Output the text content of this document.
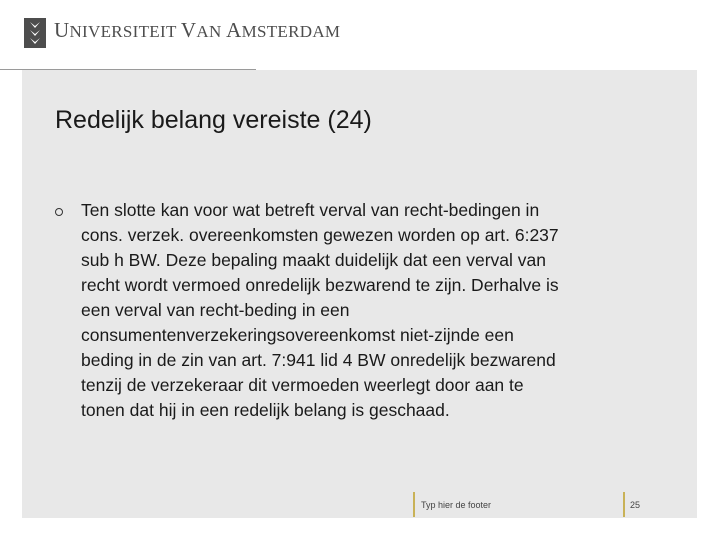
UNIVERSITEIT VAN AMSTERDAM
Redelijk belang vereiste (24)
Ten slotte kan voor wat betreft verval van recht-bedingen in
cons. verzek. overeenkomsten gewezen worden op art. 6:237
sub h BW. Deze bepaling maakt duidelijk dat een verval van
recht wordt vermoed onredelijk bezwarend te zijn. Derhalve is
een verval van recht-beding in een
consumentenverzekeringsovereenkomst niet-zijnde een
beding in de zin van art. 7:941 lid 4 BW onredelijk bezwarend
tenzij de verzekeraar dit vermoeden weerlegt door aan te
tonen dat hij in een redelijk belang is geschaad.
Typ hier de footer	25
